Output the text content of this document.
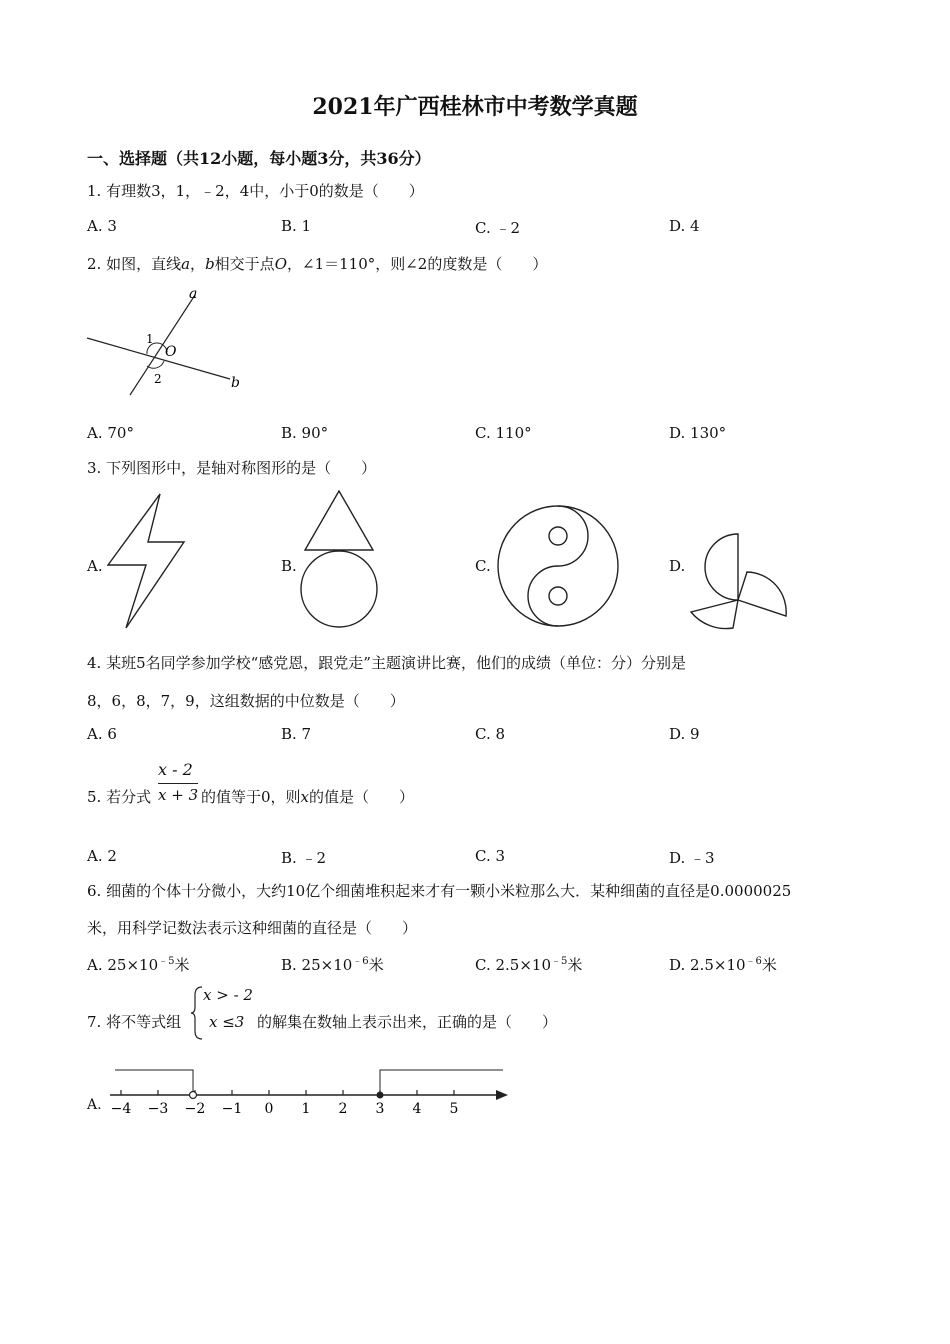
2021年广西桂林市中考数学真题
一、选择题（共12小题，每小题3分，共36分）
1. 有理数3，1，﹣2，4中，小于0的数是（　　）
A. 3	B. 1	C. ﹣2	D. 4
2. 如图，直线a，b相交于点O，∠1＝110°，则∠2的度数是（　　）
a
b
O
1
2
A. 70°	B. 90°	C. 110°	D. 130°
3. 下列图形中，是轴对称图形的是（　　）
A.	B.	C.	D.
4. 某班5名同学参加学校“感党恩，跟党走”主题演讲比赛，他们的成绩（单位：分）分别是
8，6，8，7，9，这组数据的中位数是（　　）
A. 6	B. 7	C. 8	D. 9
5. 若分式
x - 2
x + 3 的值等于0，则x的值是（　　）
A. 2	B. ﹣2	C. 3	D. ﹣3
6. 细菌的个体十分微小，大约10亿个细菌堆积起来才有一颗小米粒那么大．某种细菌的直径是0.0000025
米，用科学记数法表示这种细菌的直径是（　　）
A. $25\times 10^{﹣5}$米	B. $25\times 10^{﹣6}$米	C. $2.5\times 10^{﹣5}$米	D. $2.5\times 10^{﹣6}$米
7. 将不等式组
x > - 2
x ≤3 的解集在数轴上表示出来，正确的是（　　）
A. −4 −3 −2 −1 0 1 2 3 4 5
